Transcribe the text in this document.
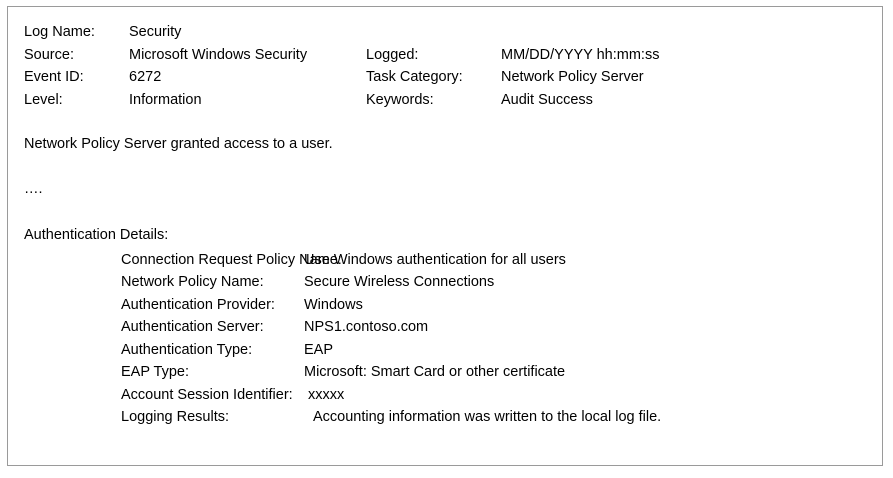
Log Name:	Security
Source:	Microsoft Windows Security	Logged:	MM/DD/YYYY hh:mm:ss
Event ID:	6272	Task Category:	Network Policy Server
Level:	Information	Keywords:	Audit Success
Network Policy Server granted access to a user.
….
Authentication Details:
Connection Request Policy Name:
Use Windows authentication for all users
Network Policy Name:	Secure Wireless Connections
Authentication Provider:	Windows
Authentication Server:	NPS1.contoso.com
Authentication Type:	EAP
EAP Type:	Microsoft: Smart Card or other certificate
Account Session Identifier:	xxxxx
Logging Results:	Accounting information was written to the local log file.
